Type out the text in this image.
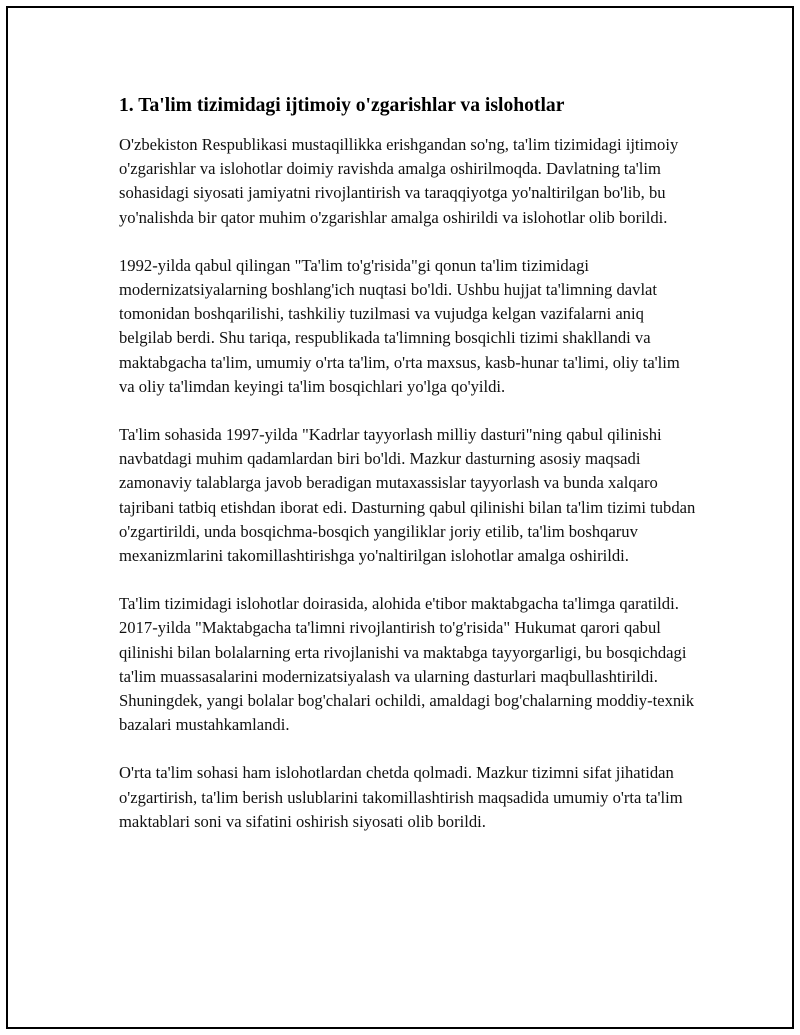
1. Ta'lim tizimidagi ijtimoiy o'zgarishlar va islohotlar

O'zbekiston Respublikasi mustaqillikka erishgandan so'ng, ta'lim tizimidagi ijtimoiy o'zgarishlar va islohotlar doimiy ravishda amalga oshirilmoqda. Davlatning ta'lim sohasidagi siyosati jamiyatni rivojlantirish va taraqqiyotga yo'naltirilgan bo'lib, bu yo'nalishda bir qator muhim o'zgarishlar amalga oshirildi va islohotlar olib borildi.

1992-yilda qabul qilingan "Ta'lim to'g'risida"gi qonun ta'lim tizimidagi modernizatsiyalarning boshlang'ich nuqtasi bo'ldi. Ushbu hujjat ta'limning davlat tomonidan boshqarilishi, tashkiliy tuzilmasi va vujudga kelgan vazifalarni aniq belgilab berdi. Shu tariqa, respublikada ta'limning bosqichli tizimi shakllandi va maktabgacha ta'lim, umumiy o'rta ta'lim, o'rta maxsus, kasb-hunar ta'limi, oliy ta'lim va oliy ta'limdan keyingi ta'lim bosqichlari yo'lga qo'yildi.

Ta'lim sohasida 1997-yilda "Kadrlar tayyorlash milliy dasturi"ning qabul qilinishi navbatdagi muhim qadamlardan biri bo'ldi. Mazkur dasturning asosiy maqsadi zamonaviy talablarga javob beradigan mutaxassislar tayyorlash va bunda xalqaro tajribani tatbiq etishdan iborat edi. Dasturning qabul qilinishi bilan ta'lim tizimi tubdan o'zgartirildi, unda bosqichma-bosqich yangiliklar joriy etilib, ta'lim boshqaruv mexanizmlarini takomillashtirishga yo'naltirilgan islohotlar amalga oshirildi.

Ta'lim tizimidagi islohotlar doirasida, alohida e'tibor maktabgacha ta'limga qaratildi. 2017-yilda "Maktabgacha ta'limni rivojlantirish to'g'risida" Hukumat qarori qabul qilinishi bilan bolalarning erta rivojlanishi va maktabga tayyorgarligi, bu bosqichdagi ta'lim muassasalarini modernizatsiyalash va ularning dasturlari maqbullashtirildi. Shuningdek, yangi bolalar bog'chalari ochildi, amaldagi bog'chalarning moddiy-texnik bazalari mustahkamlandi.

O'rta ta'lim sohasi ham islohotlardan chetda qolmadi. Mazkur tizimni sifat jihatidan o'zgartirish, ta'lim berish uslublarini takomillashtirish maqsadida umumiy o'rta ta'lim maktablari soni va sifatini oshirish siyosati olib borildi.
